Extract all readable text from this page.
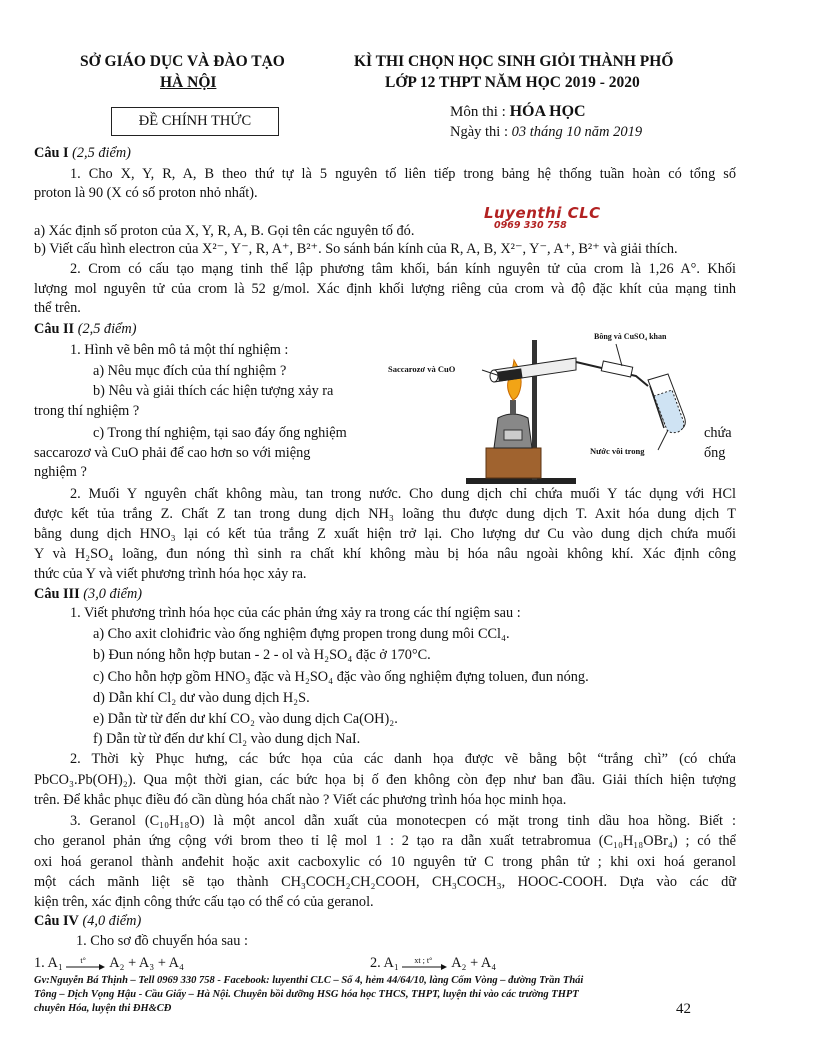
SỞ GIÁO DỤC VÀ ĐÀO TẠO
HÀ NỘI
KÌ THI CHỌN HỌC SINH GIỎI THÀNH PHỐ
LỚP 12 THPT NĂM HỌC 2019 - 2020
ĐỀ CHÍNH THỨC
Môn thi : HÓA HỌC
Ngày thi : 03 tháng 10 năm 2019
Câu I (2,5 điểm)
1. Cho X, Y, R, A, B theo thứ tự là 5 nguyên tố liên tiếp trong bảng hệ thống tuần hoàn có tổng số
proton là 90 (X có số proton nhỏ nhất).
Luyenthi CLC
0969 330 758
a) Xác định số proton của X, Y, R, A, B. Gọi tên các nguyên tố đó.
b) Viết cấu hình electron của X²⁻, Y⁻, R, A⁺, B²⁺. So sánh bán kính của R, A, B, X²⁻, Y⁻, A⁺, B²⁺ và giải thích.
2. Crom có cấu tạo mạng tinh thể lập phương tâm khối, bán kính nguyên tử của crom là 1,26 A°. Khối
lượng mol nguyên tử của crom là 52 g/mol. Xác định khối lượng riêng của crom và độ đặc khít của mạng tinh
thể trên.
Câu II (2,5 điểm)
1. Hình vẽ bên mô tả một thí nghiệm :
a) Nêu mục đích của thí nghiệm ?
b) Nêu và giải thích các hiện tượng xảy ra
trong thí nghiệm ?
c) Trong thí nghiệm, tại sao đáy ống nghiệm	chứa
saccarozơ và CuO phải để cao hơn so với miệng	ống
nghiệm ?
Bông và CuSO₄ khan
Saccarozơ và CuO
Nước vôi trong
2. Muối Y nguyên chất không màu, tan trong nước. Cho dung dịch chỉ chứa muối Y tác dụng với HCl
được kết tủa trắng Z. Chất Z tan trong dung dịch NH₃ loãng thu được dung dịch T. Axit hóa dung dịch T
bằng dung dịch HNO₃ lại có kết tủa trắng Z xuất hiện trở lại. Cho lượng dư Cu vào dung dịch chứa muối
Y và H₂SO₄ loãng, đun nóng thì sinh ra chất khí không màu bị hóa nâu ngoài không khí. Xác định công
thức của Y và viết phương trình hóa học xảy ra.
Câu III (3,0 điểm)
1. Viết phương trình hóa học của các phản ứng xảy ra trong các thí ngiệm sau :
a) Cho axit clohiđric vào ống nghiệm đựng propen trong dung môi CCl₄.
b) Đun nóng hỗn hợp butan - 2 - ol và H₂SO₄ đặc ở 170°C.
c) Cho hỗn hợp gồm HNO₃ đặc và H₂SO₄ đặc vào ống nghiệm đựng toluen, đun nóng.
d) Dẫn khí Cl₂ dư vào dung dịch H₂S.
e) Dẫn từ từ đến dư khí CO₂ vào dung dịch Ca(OH)₂.
f) Dẫn từ từ đến dư khí Cl₂ vào dung dịch NaI.
2. Thời kỳ Phục hưng, các bức họa của các danh họa được vẽ bằng bột “trắng chì” (có chứa
PbCO₃.Pb(OH)₂). Qua một thời gian, các bức họa bị ố đen không còn đẹp như ban đầu. Giải thích hiện tượng
trên. Để khắc phục điều đó cần dùng hóa chất nào ? Viết các phương trình hóa học minh họa.
3. Geranol (C₁₀H₁₈O) là một ancol dẫn xuất của monotecpen có mặt trong tinh dầu hoa hồng. Biết :
cho geranol phản ứng cộng với brom theo tỉ lệ mol 1 : 2 tạo ra dẫn xuất tetrabromua (C₁₀H₁₈OBr₄) ; có thể
oxi hoá geranol thành anđehit hoặc axit cacboxylic có 10 nguyên tử C trong phân tử ; khi oxi hoá geranol
một cách mãnh liệt sẽ tạo thành CH₃COCH₂CH₂COOH, CH₃COCH₃, HOOC-COOH. Dựa vào các dữ
kiện trên, xác định công thức cấu tạo có thể có của geranol.
Câu IV (4,0 điểm)
1. Cho sơ đồ chuyển hóa sau :
1. A₁ t° A₂ + A₃ + A₄	2. A₁ xt ; t° A₂ + A₄
Gv:Nguyễn Bá Thịnh – Tell 0969 330 758 - Facebook: luyenthi CLC – Số 4, hẻm 44/64/10, làng Cốm Vòng – đường Trần Thái
Tông – Dịch Vọng Hậu - Cầu Giấy – Hà Nội. Chuyên bồi dưỡng HSG hóa học THCS, THPT, luyện thi vào các trường THPT
chuyên Hóa, luyện thi ĐH&CĐ	42
